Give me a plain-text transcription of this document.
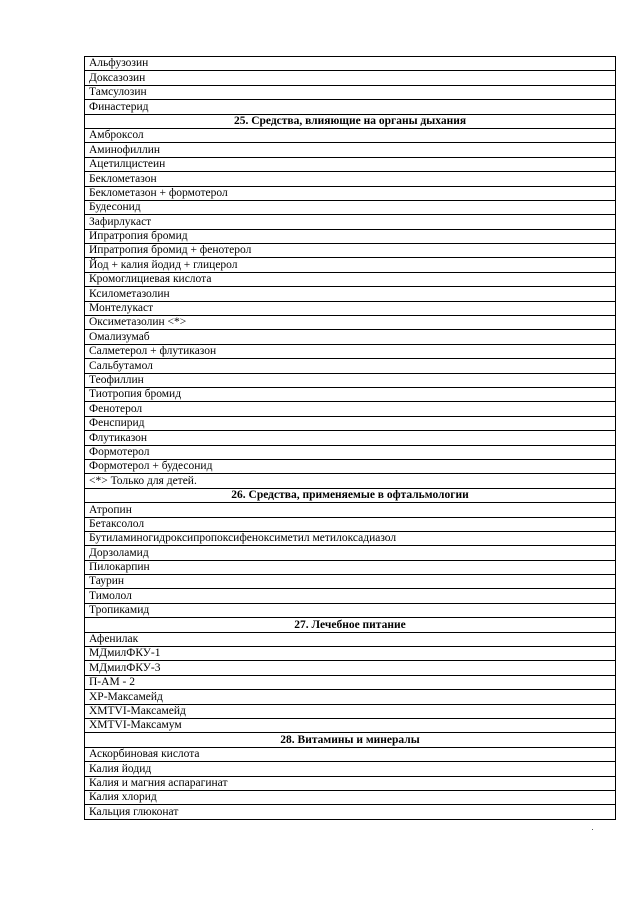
Альфузозин
Доксазозин
Тамсулозин
Финастерид
25. Средства, влияющие на органы дыхания
Амброксол
Аминофиллин
Ацетилцистеин
Беклометазон
Беклометазон + формотерол
Будесонид
Зафирлукаст
Ипратропия бромид
Ипратропия бромид + фенотерол
Йод + калия йодид + глицерол
Кромоглициевая кислота
Ксилометазолин
Монтелукаст
Оксиметазолин <*>
Омализумаб
Салметерол + флутиказон
Сальбутамол
Теофиллин
Тиотропия бромид
Фенотерол
Фенспирид
Флутиказон
Формотерол
Формотерол + будесонид
<*> Только для детей.
26. Средства, применяемые в офтальмологии
Атропин
Бетаксолол
Бутиламиногидроксипропоксифеноксиметил метилоксадиазол
Дорзоламид
Пилокарпин
Таурин
Тимолол
Тропикамид
27. Лечебное питание
Афенилак
МДмилФКУ-1
МДмилФКУ-3
П-АМ - 2
XP-Максамейд
XMTVI-Максамейд
XMTVI-Максамум
28. Витамины и минералы
Аскорбиновая кислота
Калия йодид
Калия и магния аспарагинат
Калия хлорид
Кальция глюконат
